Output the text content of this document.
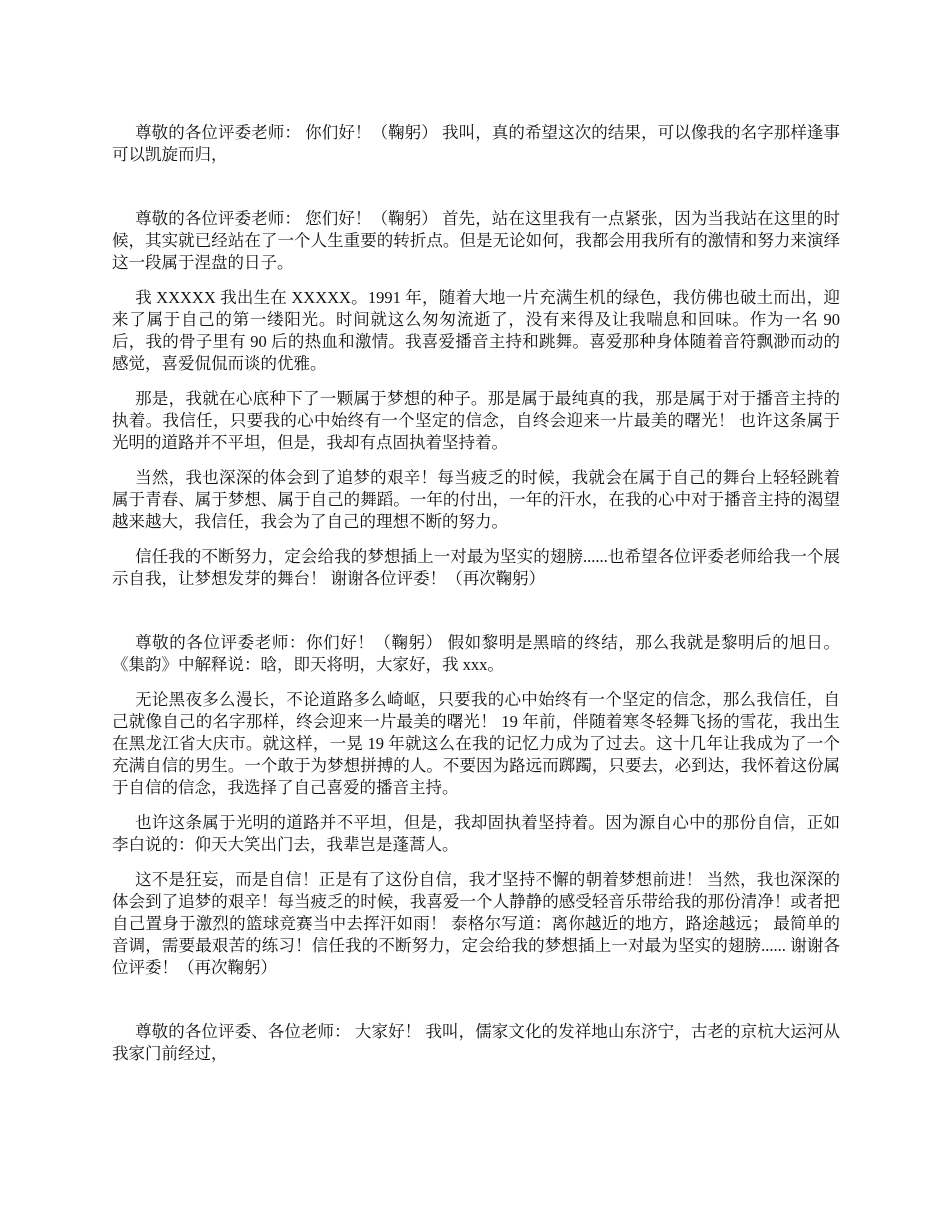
尊敬的各位评委老师： 你们好！（鞠躬） 我叫，真的希望这次的结果，可以像我的名字那样逢事可以凯旋而归，

尊敬的各位评委老师： 您们好！（鞠躬） 首先，站在这里我有一点紧张，因为当我站在这里的时候，其实就已经站在了一个人生重要的转折点。但是无论如何，我都会用我所有的激情和努力来演绎这一段属于涅盘的日子。

我 XXXXX 我出生在 XXXXX。1991 年，随着大地一片充满生机的绿色，我仿佛也破土而出，迎来了属于自己的第一缕阳光。时间就这么匆匆流逝了，没有来得及让我喘息和回味。作为一名 90 后，我的骨子里有 90 后的热血和激情。我喜爱播音主持和跳舞。喜爱那种身体随着音符飘渺而动的感觉，喜爱侃侃而谈的优雅。

那是，我就在心底种下了一颗属于梦想的种子。那是属于最纯真的我，那是属于对于播音主持的执着。我信任，只要我的心中始终有一个坚定的信念，自终会迎来一片最美的曙光！ 也许这条属于光明的道路并不平坦，但是，我却有点固执着坚持着。

当然，我也深深的体会到了追梦的艰辛！每当疲乏的时候，我就会在属于自己的舞台上轻轻跳着属于青春、属于梦想、属于自己的舞蹈。一年的付出，一年的汗水，在我的心中对于播音主持的渴望越来越大，我信任，我会为了自己的理想不断的努力。

信任我的不断努力，定会给我的梦想插上一对最为坚实的翅膀......也希望各位评委老师给我一个展示自我，让梦想发芽的舞台！ 谢谢各位评委！（再次鞠躬）

尊敬的各位评委老师：你们好！（鞠躬） 假如黎明是黑暗的终结，那么我就是黎明后的旭日。《集韵》中解释说：晗，即天将明，大家好，我 xxx。

无论黑夜多么漫长，不论道路多么崎岖，只要我的心中始终有一个坚定的信念，那么我信任，自己就像自己的名字那样，终会迎来一片最美的曙光！ 19 年前，伴随着寒冬轻舞飞扬的雪花，我出生在黑龙江省大庆市。就这样，一晃 19 年就这么在我的记忆力成为了过去。这十几年让我成为了一个充满自信的男生。一个敢于为梦想拼搏的人。不要因为路远而踯躅，只要去，必到达，我怀着这份属于自信的信念，我选择了自己喜爱的播音主持。

也许这条属于光明的道路并不平坦，但是，我却固执着坚持着。因为源自心中的那份自信，正如李白说的：仰天大笑出门去，我辈岂是蓬蒿人。

这不是狂妄，而是自信！正是有了这份自信，我才坚持不懈的朝着梦想前进！ 当然，我也深深的体会到了追梦的艰辛！每当疲乏的时候，我喜爱一个人静静的感受轻音乐带给我的那份清净！或者把自己置身于激烈的篮球竞赛当中去挥汗如雨！ 泰格尔写道：离你越近的地方，路途越远； 最简单的音调，需要最艰苦的练习！信任我的不断努力，定会给我的梦想插上一对最为坚实的翅膀...... 谢谢各位评委！（再次鞠躬）

尊敬的各位评委、各位老师： 大家好！ 我叫，儒家文化的发祥地山东济宁，古老的京杭大运河从我家门前经过，
